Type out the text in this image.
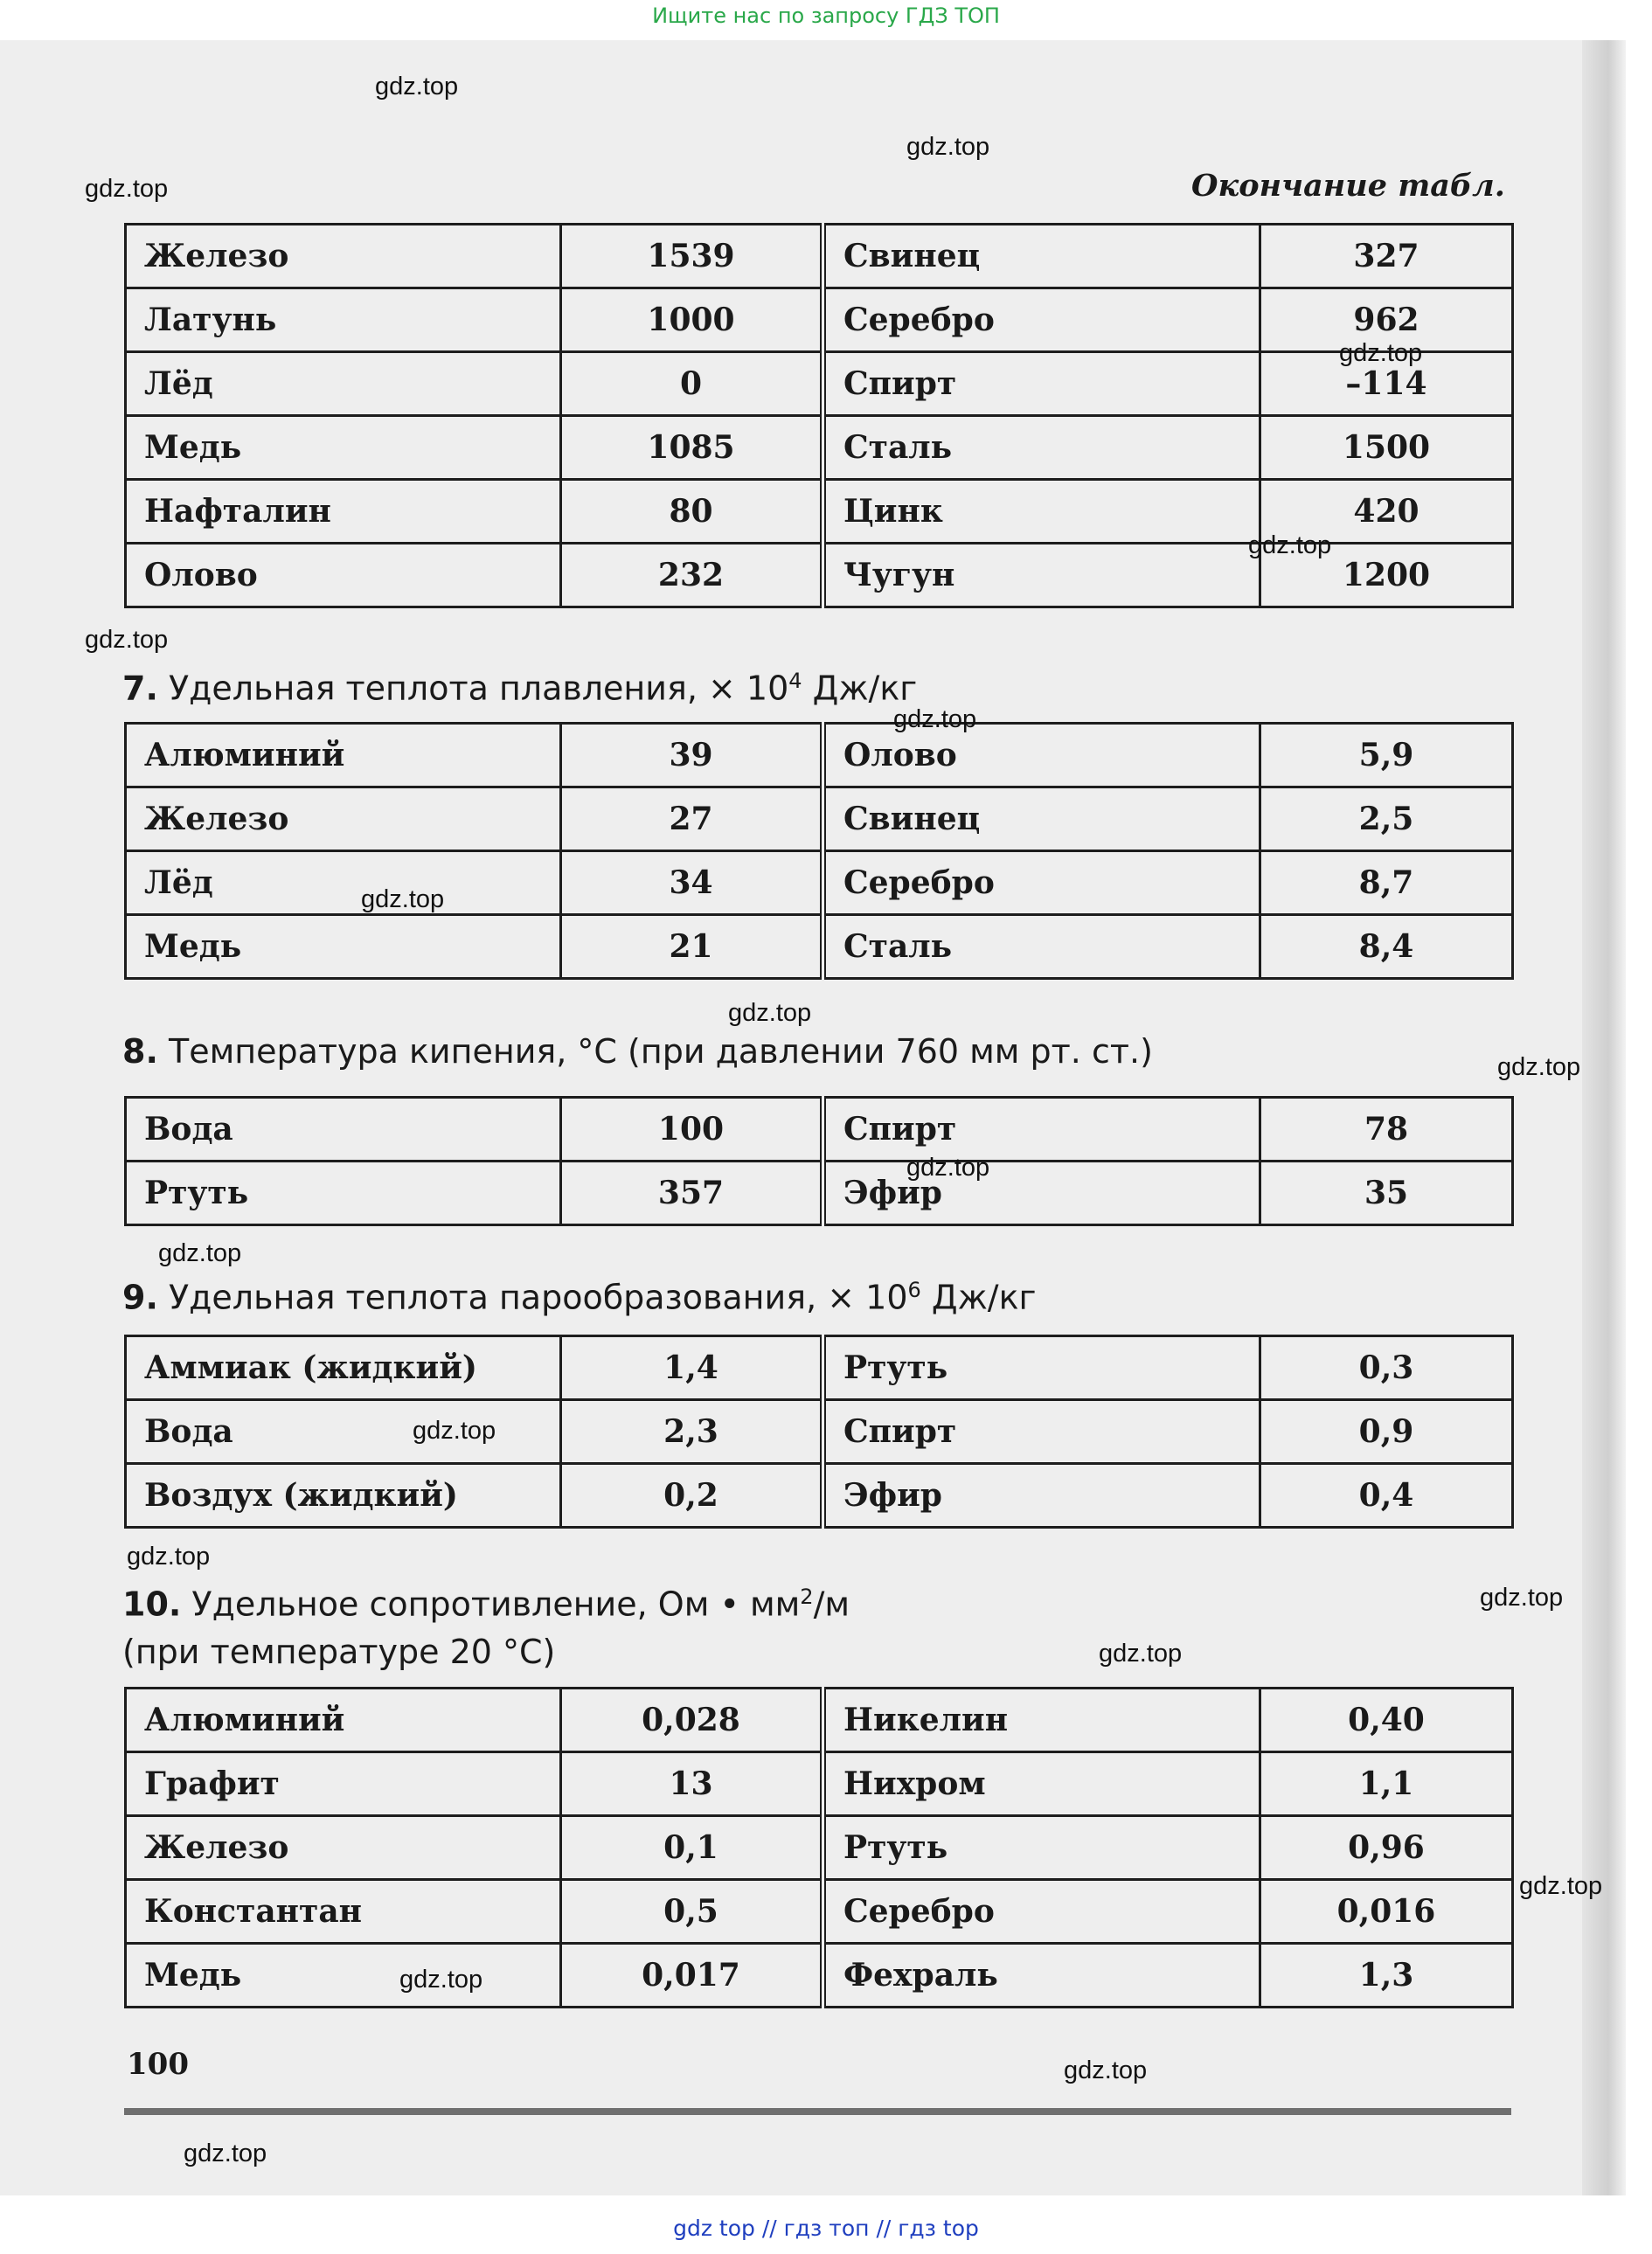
Ищите нас по запросу ГДЗ ТОП
Окончание табл.
Железо	1539	Свинец	327
Латунь	1000	Серебро	962
Лёд	0	Спирт	–114
Медь	1085	Сталь	1500
Нафталин	80	Цинк	420
Олово	232	Чугун	1200
7. Удельная теплота плавления, × $10^4$ Дж/кг
Алюминий	39	Олово	5,9
Железо	27	Свинец	2,5
Лёд	34	Серебро	8,7
Медь	21	Сталь	8,4
8. Температура кипения, °С (при давлении 760 мм рт. ст.)
Вода	100	Спирт	78
Ртуть	357	Эфир	35
9. Удельная теплота парообразования, × $10^6$ Дж/кг
Аммиак (жидкий)	1,4	Ртуть	0,3
Вода	2,3	Спирт	0,9
Воздух (жидкий)	0,2	Эфир	0,4
10. Удельное сопротивление, Ом • $мм^2/м$
(при температуре 20 °С)
Алюминий	0,028	Никелин	0,40
Графит	13	Нихром	1,1
Железо	0,1	Ртуть	0,96
Константан	0,5	Серебро	0,016
Медь	0,017	Фехраль	1,3
100
gdz.top
gdz.top
gdz.top
gdz.top
gdz.top
gdz.top
gdz.top
gdz.top
gdz.top
gdz.top
gdz.top
gdz.top
gdz.top
gdz.top
gdz.top
gdz.top
gdz.top
gdz.top
gdz.top
gdz.top
gdz top // гдз топ // гдз top
